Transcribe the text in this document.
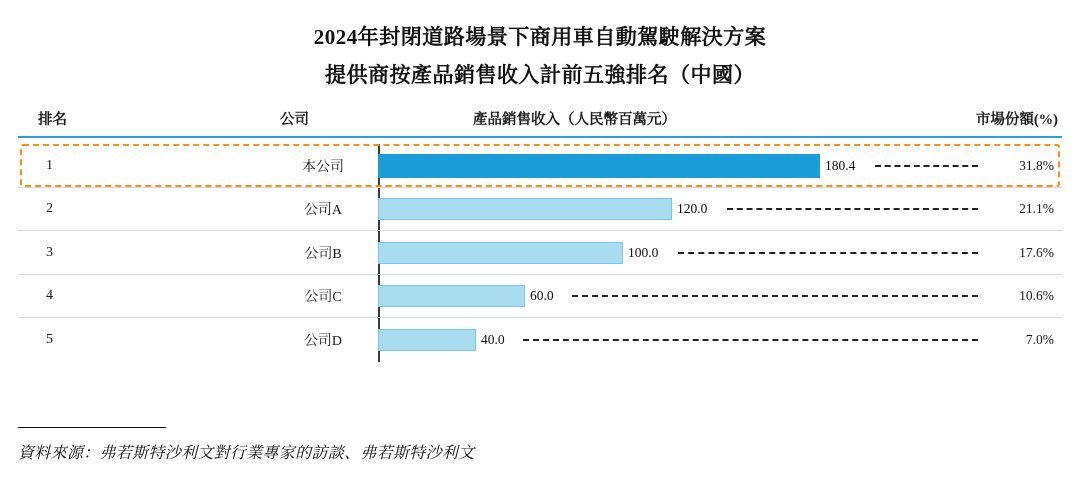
2024年封閉道路場景下商用車自動駕駛解決方案
提供商按產品銷售收入計前五強排名（中國）
排名	公司	產品銷售收入（人民幣百萬元）	市場份額(%)
1	本公司	180.4	31.8%
2	公司A	120.0	21.1%
3	公司B	100.0	17.6%
4	公司C	60.0	10.6%
5	公司D	40.0	7.0%
資料來源：弗若斯特沙利文對行業專家的訪談、弗若斯特沙利文
